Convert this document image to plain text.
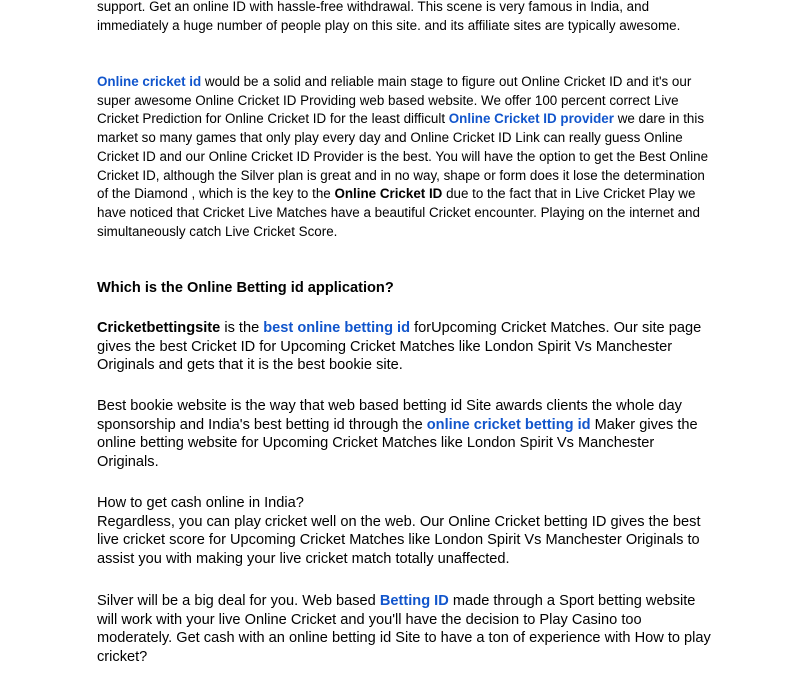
support. Get an online ID with hassle-free withdrawal. This scene is very famous in India, and immediately a huge number of people play on this site. and its affiliate sites are typically awesome.
Online cricket id would be a solid and reliable main stage to figure out Online Cricket ID and it's our super awesome Online Cricket ID Providing web based website. We offer 100 percent correct Live Cricket Prediction for Online Cricket ID for the least difficult Online Cricket ID provider we dare in this market so many games that only play every day and Online Cricket ID Link can really guess Online Cricket ID and our Online Cricket ID Provider is the best. You will have the option to get the Best Online Cricket ID, although the Silver plan is great and in no way, shape or form does it lose the determination of the Diamond , which is the key to the Online Cricket ID due to the fact that in Live Cricket Play we have noticed that Cricket Live Matches have a beautiful Cricket encounter. Playing on the internet and simultaneously catch Live Cricket Score.
Which is the Online Betting id application?
Cricketbettingsite is the best online betting id forUpcoming Cricket Matches. Our site page gives the best Cricket ID for Upcoming Cricket Matches like London Spirit Vs Manchester Originals and gets that it is the best bookie site.
Best bookie website is the way that web based betting id Site awards clients the whole day sponsorship and India's best betting id through the online cricket betting id Maker gives the online betting website for Upcoming Cricket Matches like London Spirit Vs Manchester Originals.
How to get cash online in India?
Regardless, you can play cricket well on the web. Our Online Cricket betting ID gives the best live cricket score for Upcoming Cricket Matches like London Spirit Vs Manchester Originals to assist you with making your live cricket match totally unaffected.
Silver will be a big deal for you. Web based Betting ID made through a Sport betting website will work with your live Online Cricket and you'll have the decision to Play Casino too moderately. Get cash with an online betting id Site to have a ton of experience with How to play cricket?
